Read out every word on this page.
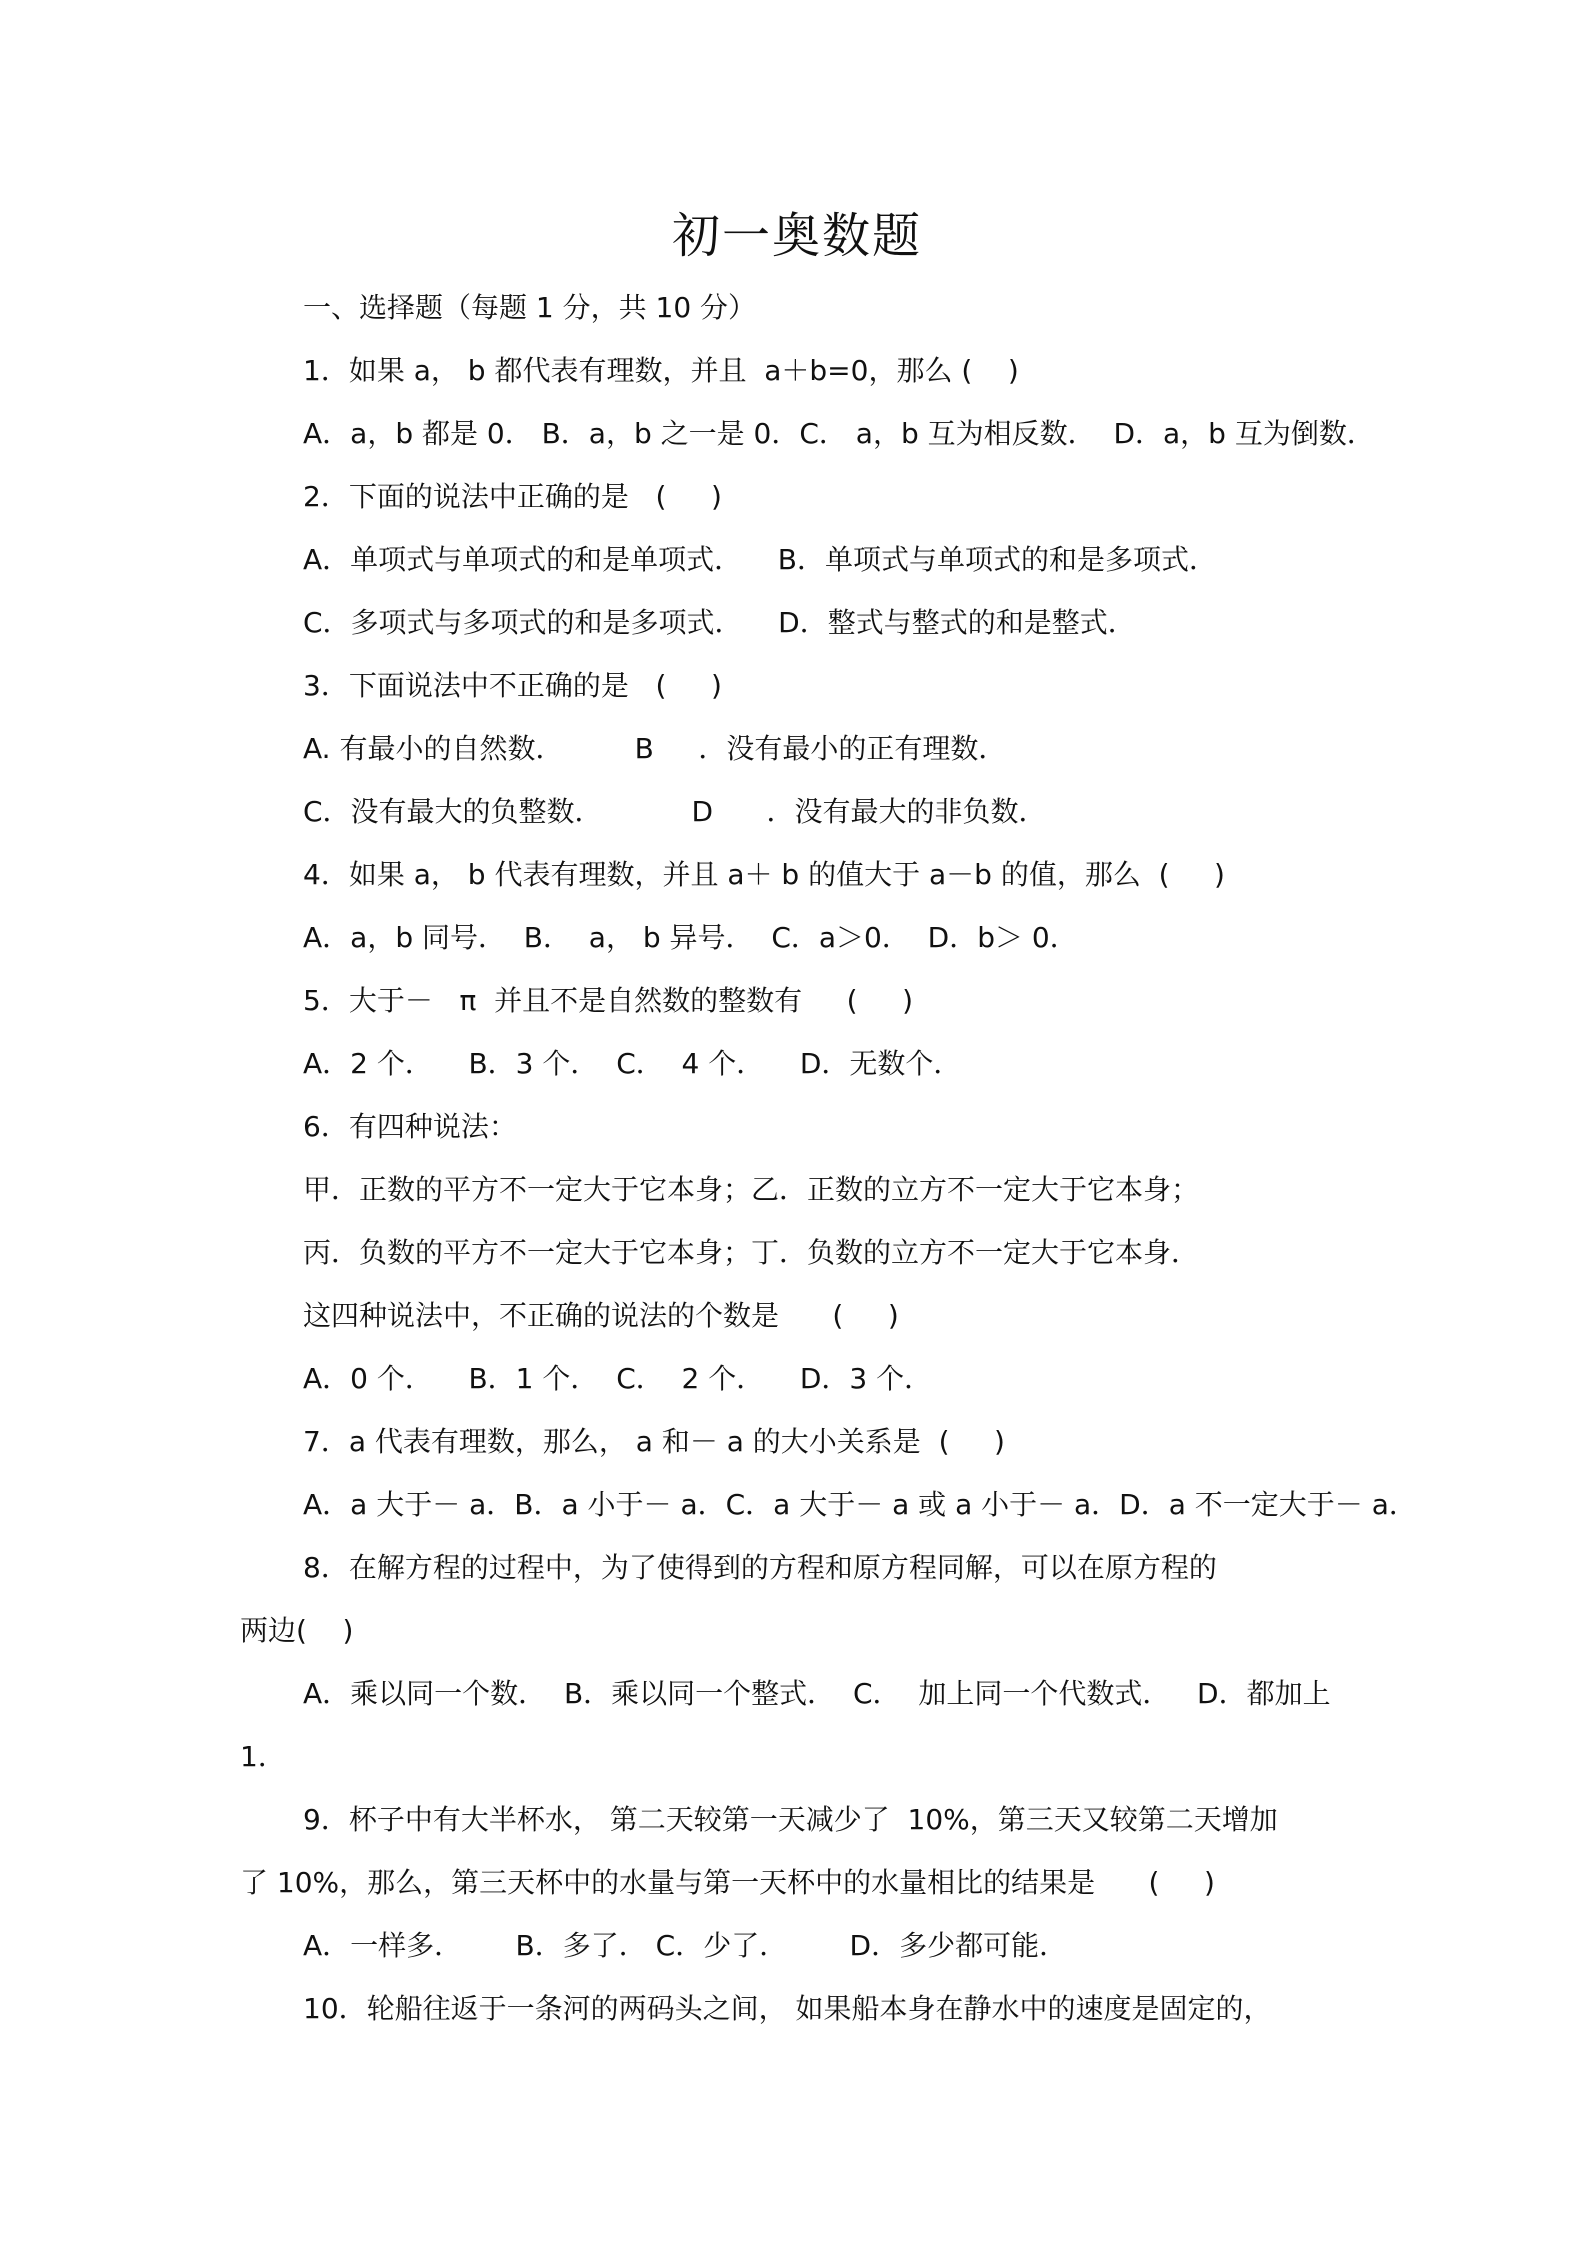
初一奥数题
一、选择题（每题 1 分，共 10 分）
1．如果 a， b 都代表有理数，并且  a＋b=0，那么 (    )
A．a，b 都是 0． B．a，b 之一是 0．C． a，b 互为相反数．  D．a，b 互为倒数．
2．下面的说法中正确的是   (     )
A．单项式与单项式的和是单项式．    B．单项式与单项式的和是多项式．
C．多项式与多项式的和是多项式．    D．整式与整式的和是整式．
3．下面说法中不正确的是   (     )
A. 有最小的自然数．        B     ．没有最小的正有理数．
C．没有最大的负整数．          D      ．没有最大的非负数．
4．如果 a， b 代表有理数，并且 a＋ b 的值大于 a－b 的值，那么  (     )
A．a，b 同号．  B．  a， b 异号．  C．a＞0．  D．b＞ 0．
5．大于－   π  并且不是自然数的整数有     (     )
A．2 个．    B．3 个．  C．  4 个．    D．无数个．
6．有四种说法：
甲．正数的平方不一定大于它本身；乙．正数的立方不一定大于它本身；
丙．负数的平方不一定大于它本身；丁．负数的立方不一定大于它本身．
这四种说法中，不正确的说法的个数是      (     )
A．0 个．    B．1 个．  C．  2 个．    D．3 个．
7．a 代表有理数，那么， a 和－ a 的大小关系是  (     )
A．a 大于－ a．B．a 小于－ a．C．a 大于－ a 或 a 小于－ a．D．a 不一定大于－ a．
8．在解方程的过程中，为了使得到的方程和原方程同解，可以在原方程的
两边(    )
A．乘以同一个数．  B．乘以同一个整式．  C．  加上同一个代数式．   D．都加上
1．
9．杯子中有大半杯水， 第二天较第一天减少了  10%，第三天又较第二天增加
了 10%，那么，第三天杯中的水量与第一天杯中的水量相比的结果是      (     )
A．一样多．      B．多了． C．少了．       D．多少都可能．
10．轮船往返于一条河的两码头之间， 如果船本身在静水中的速度是固定的，
